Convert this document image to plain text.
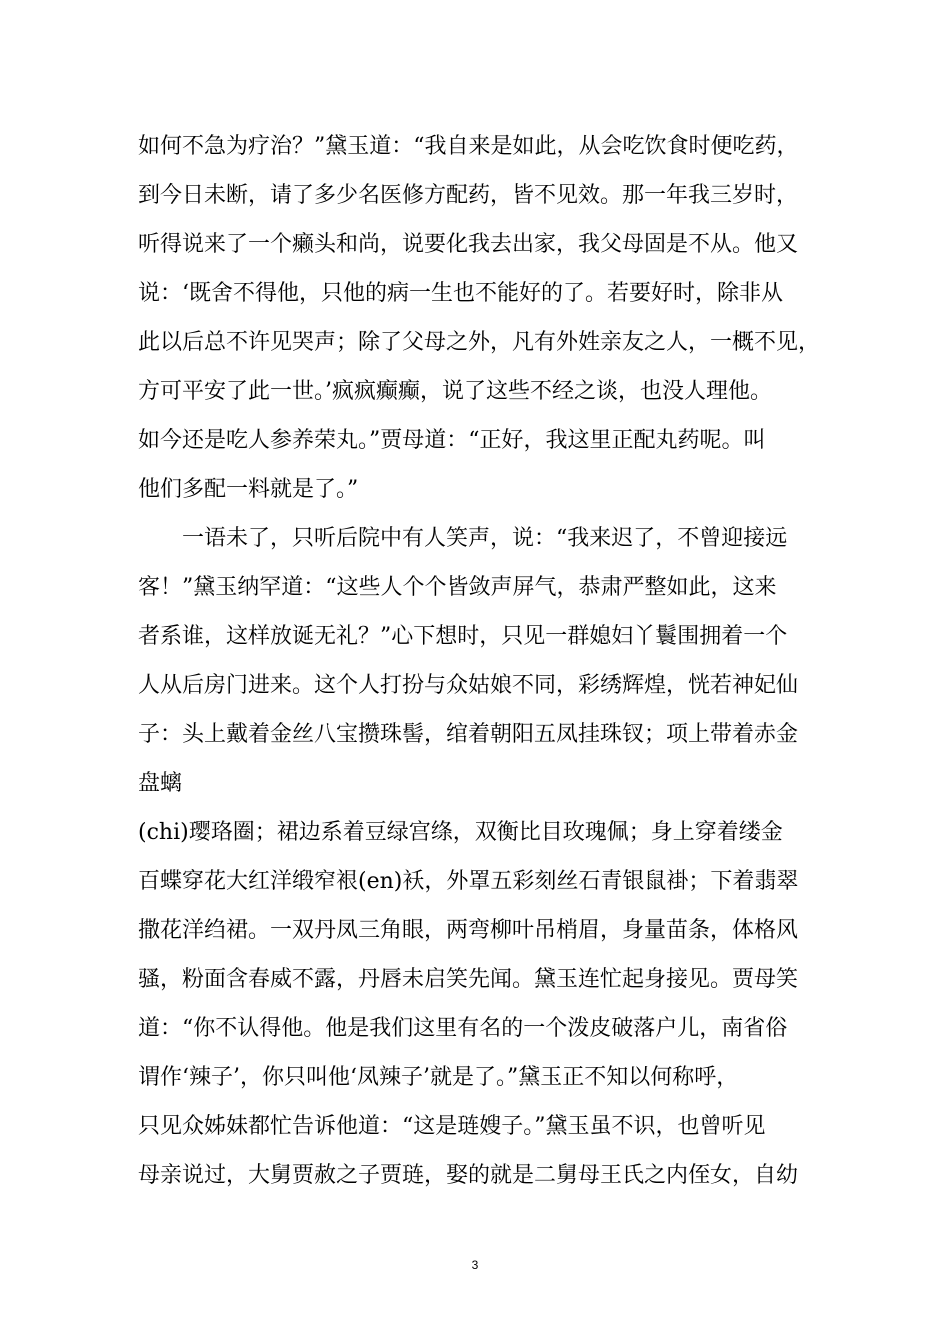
如何不急为疗治？”黛玉道：“我自来是如此，从会吃饮食时便吃药，
到今日未断，请了多少名医修方配药，皆不见效。那一年我三岁时，
听得说来了一个癞头和尚，说要化我去出家，我父母固是不从。他又
说：‘既舍不得他，只他的病一生也不能好的了。若要好时，除非从
此以后总不许见哭声；除了父母之外，凡有外姓亲友之人，一概不见，
方可平安了此一世。’疯疯癫癫，说了这些不经之谈，也没人理他。
如今还是吃人参养荣丸。”贾母道：“正好，我这里正配丸药呢。叫
他们多配一料就是了。”
一语未了，只听后院中有人笑声，说：“我来迟了，不曾迎接远
客！”黛玉纳罕道：“这些人个个皆敛声屏气，恭肃严整如此，这来
者系谁，这样放诞无礼？”心下想时，只见一群媳妇丫鬟围拥着一个
人从后房门进来。这个人打扮与众姑娘不同，彩绣辉煌，恍若神妃仙
子：头上戴着金丝八宝攒珠髻，绾着朝阳五凤挂珠钗；项上带着赤金
盘螭
(chi)璎珞圈；裙边系着豆绿宫绦，双衡比目玫瑰佩；身上穿着缕金
百蝶穿花大红洋缎窄裉(en)袄，外罩五彩刻丝石青银鼠褂；下着翡翠
撒花洋绉裙。一双丹凤三角眼，两弯柳叶吊梢眉，身量苗条，体格风
骚，粉面含春威不露，丹唇未启笑先闻。黛玉连忙起身接见。贾母笑
道：“你不认得他。他是我们这里有名的一个泼皮破落户儿，南省俗
谓作‘辣子’，你只叫他‘凤辣子’就是了。”黛玉正不知以何称呼，
只见众姊妹都忙告诉他道：“这是琏嫂子。”黛玉虽不识，也曾听见
母亲说过，大舅贾赦之子贾琏，娶的就是二舅母王氏之内侄女，自幼
3
